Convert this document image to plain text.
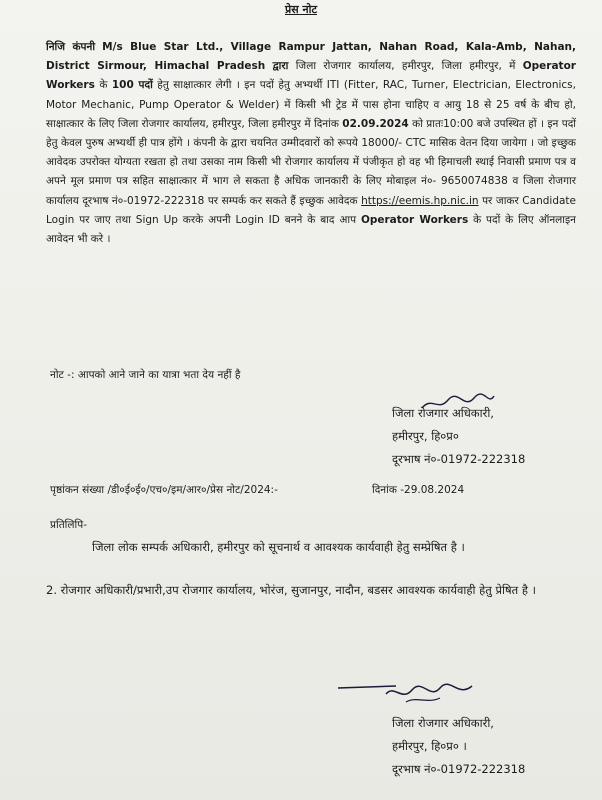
प्रेस नोट
निजि कंपनी M/s Blue Star Ltd., Village Rampur Jattan, Nahan Road, Kala-Amb, Nahan, District Sirmour, Himachal Pradesh द्वारा जिला रोजगार कार्यालय, हमीरपुर, जिला हमीरपुर, में Operator Workers के 100 पदों हेतु साक्षात्कार लेगी । इन पदों हेतु अभ्यर्थी ITI (Fitter, RAC, Turner, Electrician, Electronics, Motor Mechanic, Pump Operator & Welder) में किसी भी ट्रेड में पास होना चाहिए व आयु 18 से 25 वर्ष के बीच हो, साक्षात्कार के लिए जिला रोजगार कार्यालय, हमीरपुर, जिला हमीरपुर में दिनांक 02.09.2024 को प्रातः10:00 बजे उपस्थित हों । इन पदों हेतु केवल पुरुष अभ्यर्थी ही पात्र होंगे । कंपनी के द्वारा चयनित उम्मीदवारों को रूपये 18000/- CTC मासिक वेतन दिया जायेगा । जो इच्छुक आवेदक उपरोक्त योग्यता रखता हो तथा उसका नाम किसी भी रोजगार कार्यालय में पंजीकृत हो वह भी हिमाचली स्थाई निवासी प्रमाण पत्र व अपने मूल प्रमाण पत्र सहित साक्षात्कार में भाग ले सकता है अधिक जानकारी के लिए मोबाइल नं०- 9650074838 व जिला रोजगार कार्यालय दूरभाष नं०-01972-222318 पर सम्पर्क कर सकते हैं इच्छुक आवेदक https://eemis.hp.nic.in पर जाकर Candidate Login पर जाए तथा Sign Up करके अपनी Login ID बनने के बाद आप Operator Workers के पदों के लिए ऑनलाइन आवेदन भी करे ।
नोट -: आपको आने जाने का यात्रा भता देय नहीं है
जिला रोजगार अधिकारी,
हमीरपुर, हि०प्र०
दूरभाष नं०-01972-222318
पृष्ठांकन संख्या /डी०ई०ई०/एच०/इम/आर०/प्रेस नोट/2024:-	दिनांक -29.08.2024
प्रतिलिपि-
जिला लोक सम्पर्क अधिकारी, हमीरपुर को सूचनार्थ व आवश्यक कार्यवाही हेतु सम्प्रेषित है ।
2. रोजगार अधिकारी/प्रभारी,उप रोजगार कार्यालय, भोरंज, सुजानपुर, नादौन, बडसर आवश्यक कार्यवाही हेतु प्रेषित है ।
जिला रोजगार अधिकारी,
हमीरपुर, हि०प्र० ।
दूरभाष नं०-01972-222318
